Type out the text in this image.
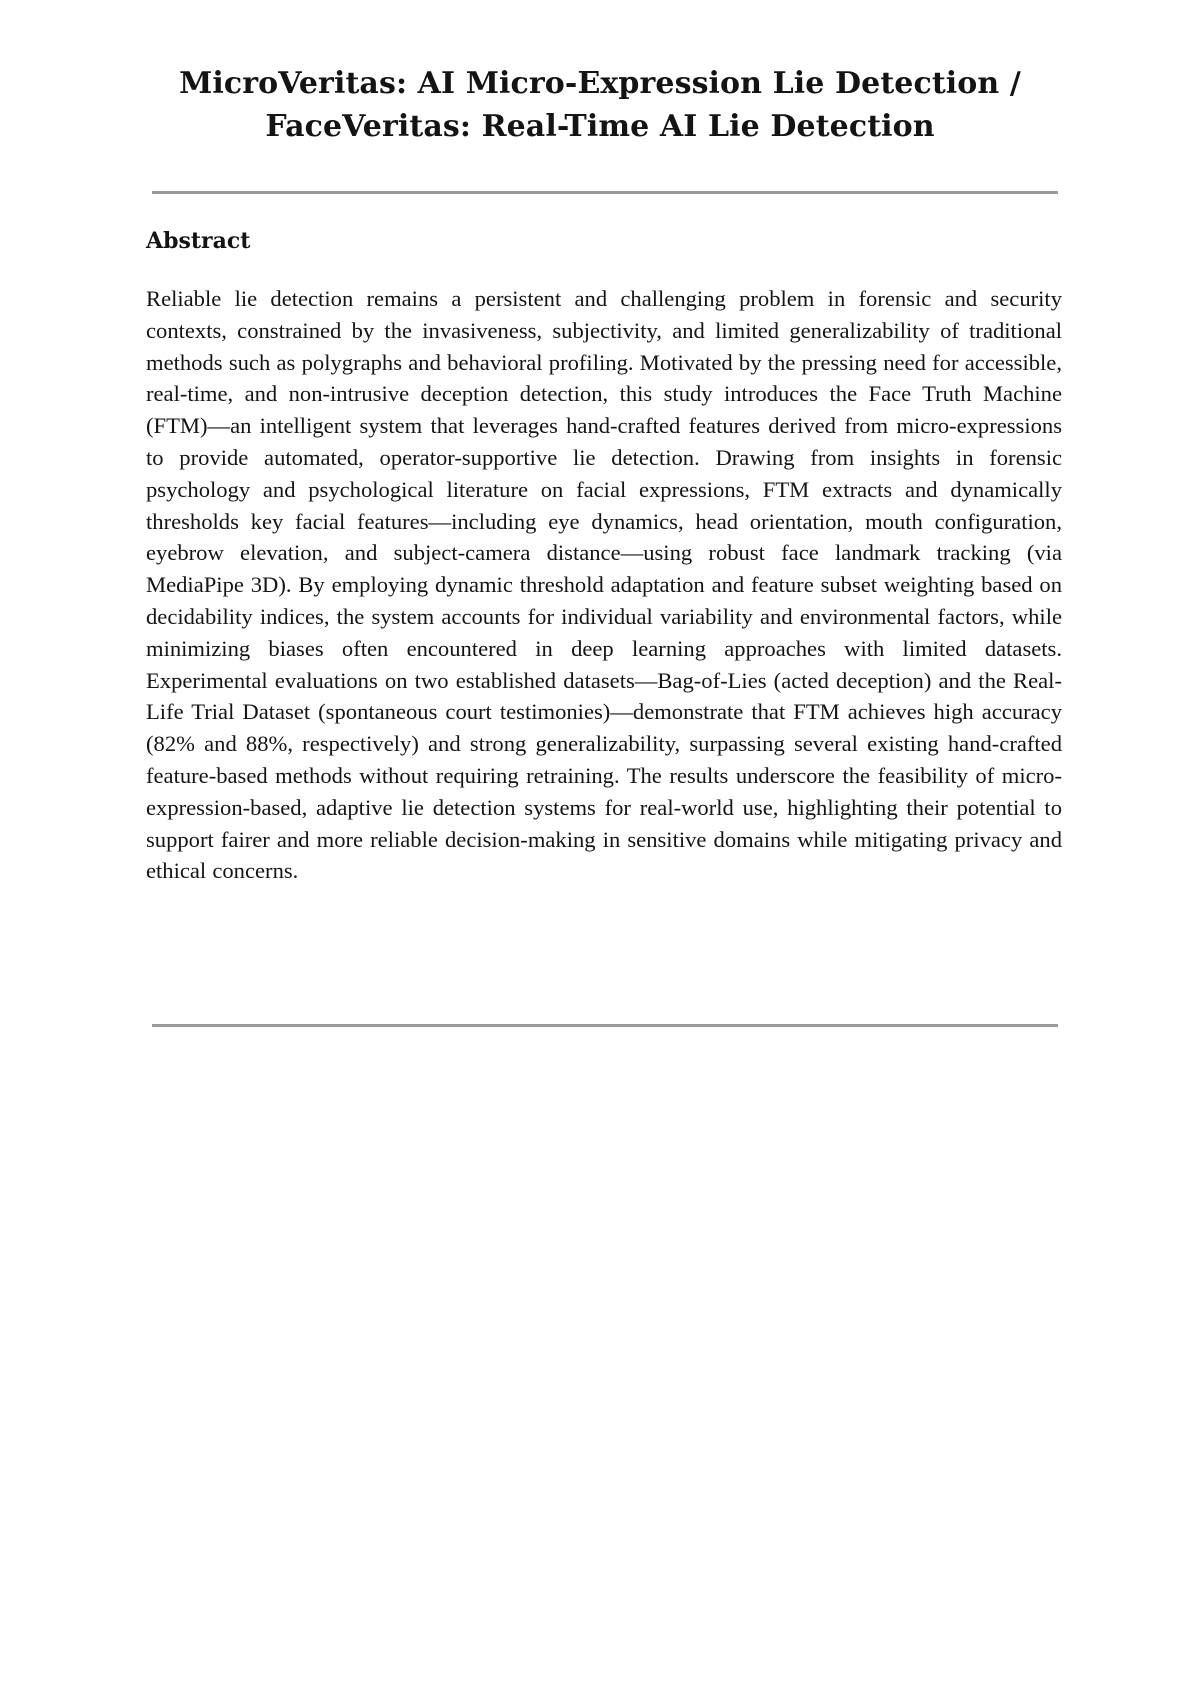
MicroVeritas: AI Micro-Expression Lie Detection /
FaceVeritas: Real-Time AI Lie Detection
Abstract

Reliable lie detection remains a persistent and challenging problem in forensic and security contexts, constrained by the invasiveness, subjectivity, and limited generalizability of traditional methods such as polygraphs and behavioral profiling. Motivated by the pressing need for accessible, real-time, and non-intrusive deception detection, this study introduces the Face Truth Machine (FTM)—an intelligent system that leverages hand-crafted features derived from micro-expressions to provide automated, operator-supportive lie detection. Drawing from insights in forensic psychology and psychological literature on facial expressions, FTM extracts and dynamically thresholds key facial features—including eye dynamics, head orientation, mouth configuration, eyebrow elevation, and subject-camera distance—using robust face landmark tracking (via MediaPipe 3D). By employing dynamic threshold adaptation and feature subset weighting based on decidability indices, the system accounts for individual variability and environmental factors, while minimizing biases often encountered in deep learning approaches with limited datasets. Experimental evaluations on two established datasets—Bag-of-Lies (acted deception) and the Real-Life Trial Dataset (spontaneous court testimonies)—demonstrate that FTM achieves high accuracy (82% and 88%, respectively) and strong generalizability, surpassing several existing hand-crafted feature-based methods without requiring retraining. The results underscore the feasibility of micro-expression-based, adaptive lie detection systems for real-world use, highlighting their potential to support fairer and more reliable decision-making in sensitive domains while mitigating privacy and ethical concerns.
